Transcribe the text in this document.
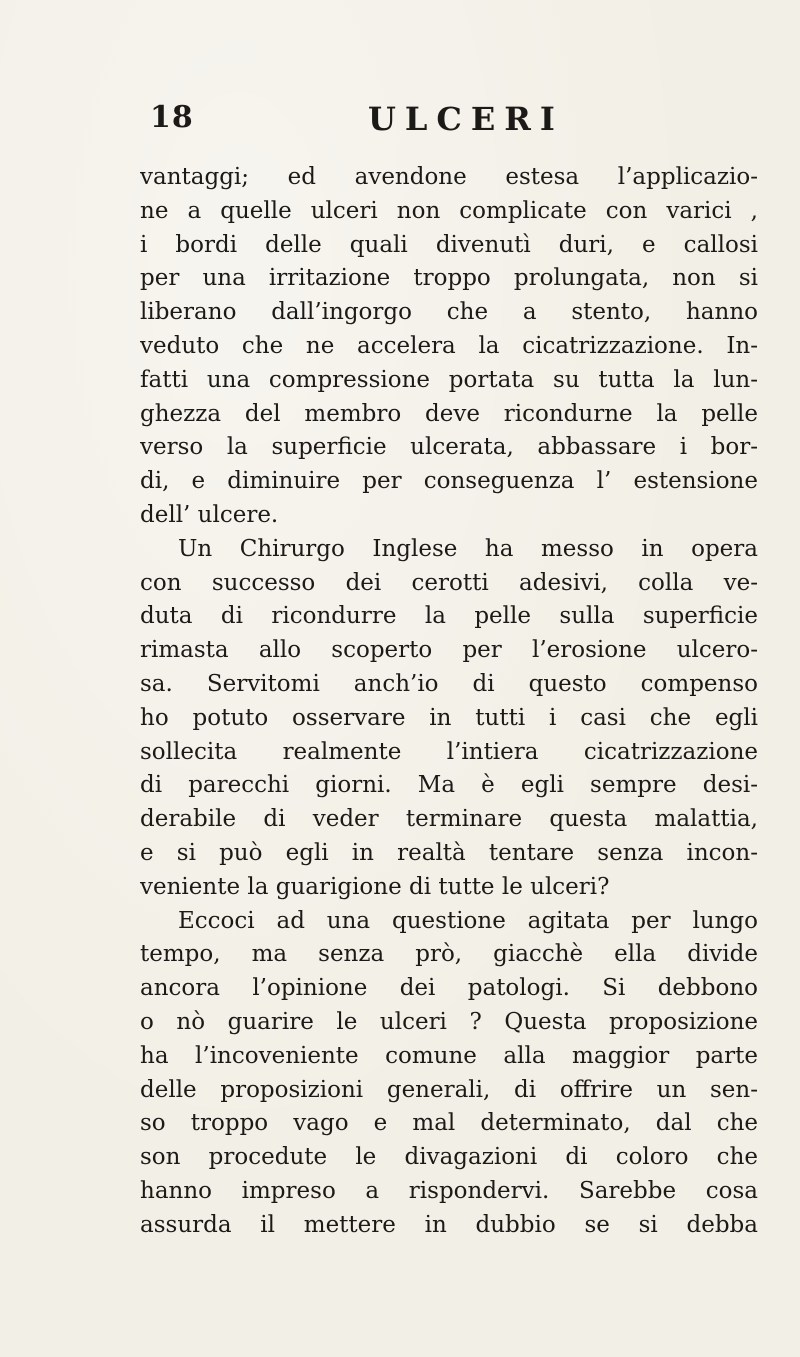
18	ULCERI
vantaggi; ed avendone estesa l’applicazio-
ne a quelle ulceri non complicate con varici ,
i bordi delle quali divenutì duri, e callosi
per una irritazione troppo prolungata, non si
liberano dall’ingorgo che a stento, hanno
veduto che ne accelera la cicatrizzazione. In-
fatti una compressione portata su tutta la lun-
ghezza del membro deve ricondurne la pelle
verso la superficie ulcerata, abbassare i bor-
di, e diminuire per conseguenza l’ estensione
dell’ ulcere.
Un Chirurgo Inglese ha messo in opera
con successo dei cerotti adesivi, colla ve-
duta di ricondurre la pelle sulla superficie
rimasta allo scoperto per l’erosione ulcero-
sa. Servitomi anch’io di questo compenso
ho potuto osservare in tutti i casi che egli
sollecita realmente l’intiera cicatrizzazione
di parecchi giorni. Ma è egli sempre desi-
derabile di veder terminare questa malattia,
e si può egli in realtà tentare senza incon-
veniente la guarigione di tutte le ulceri?
Eccoci ad una questione agitata per lungo
tempo, ma senza prò, giacchè ella divide
ancora l’opinione dei patologi. Si debbono
o nò guarire le ulceri ? Questa proposizione
ha l’incoveniente comune alla maggior parte
delle proposizioni generali, di offrire un sen-
so troppo vago e mal determinato, dal che
son procedute le divagazioni di coloro che
hanno impreso a rispondervi. Sarebbe cosa
assurda il mettere in dubbio se si debba
